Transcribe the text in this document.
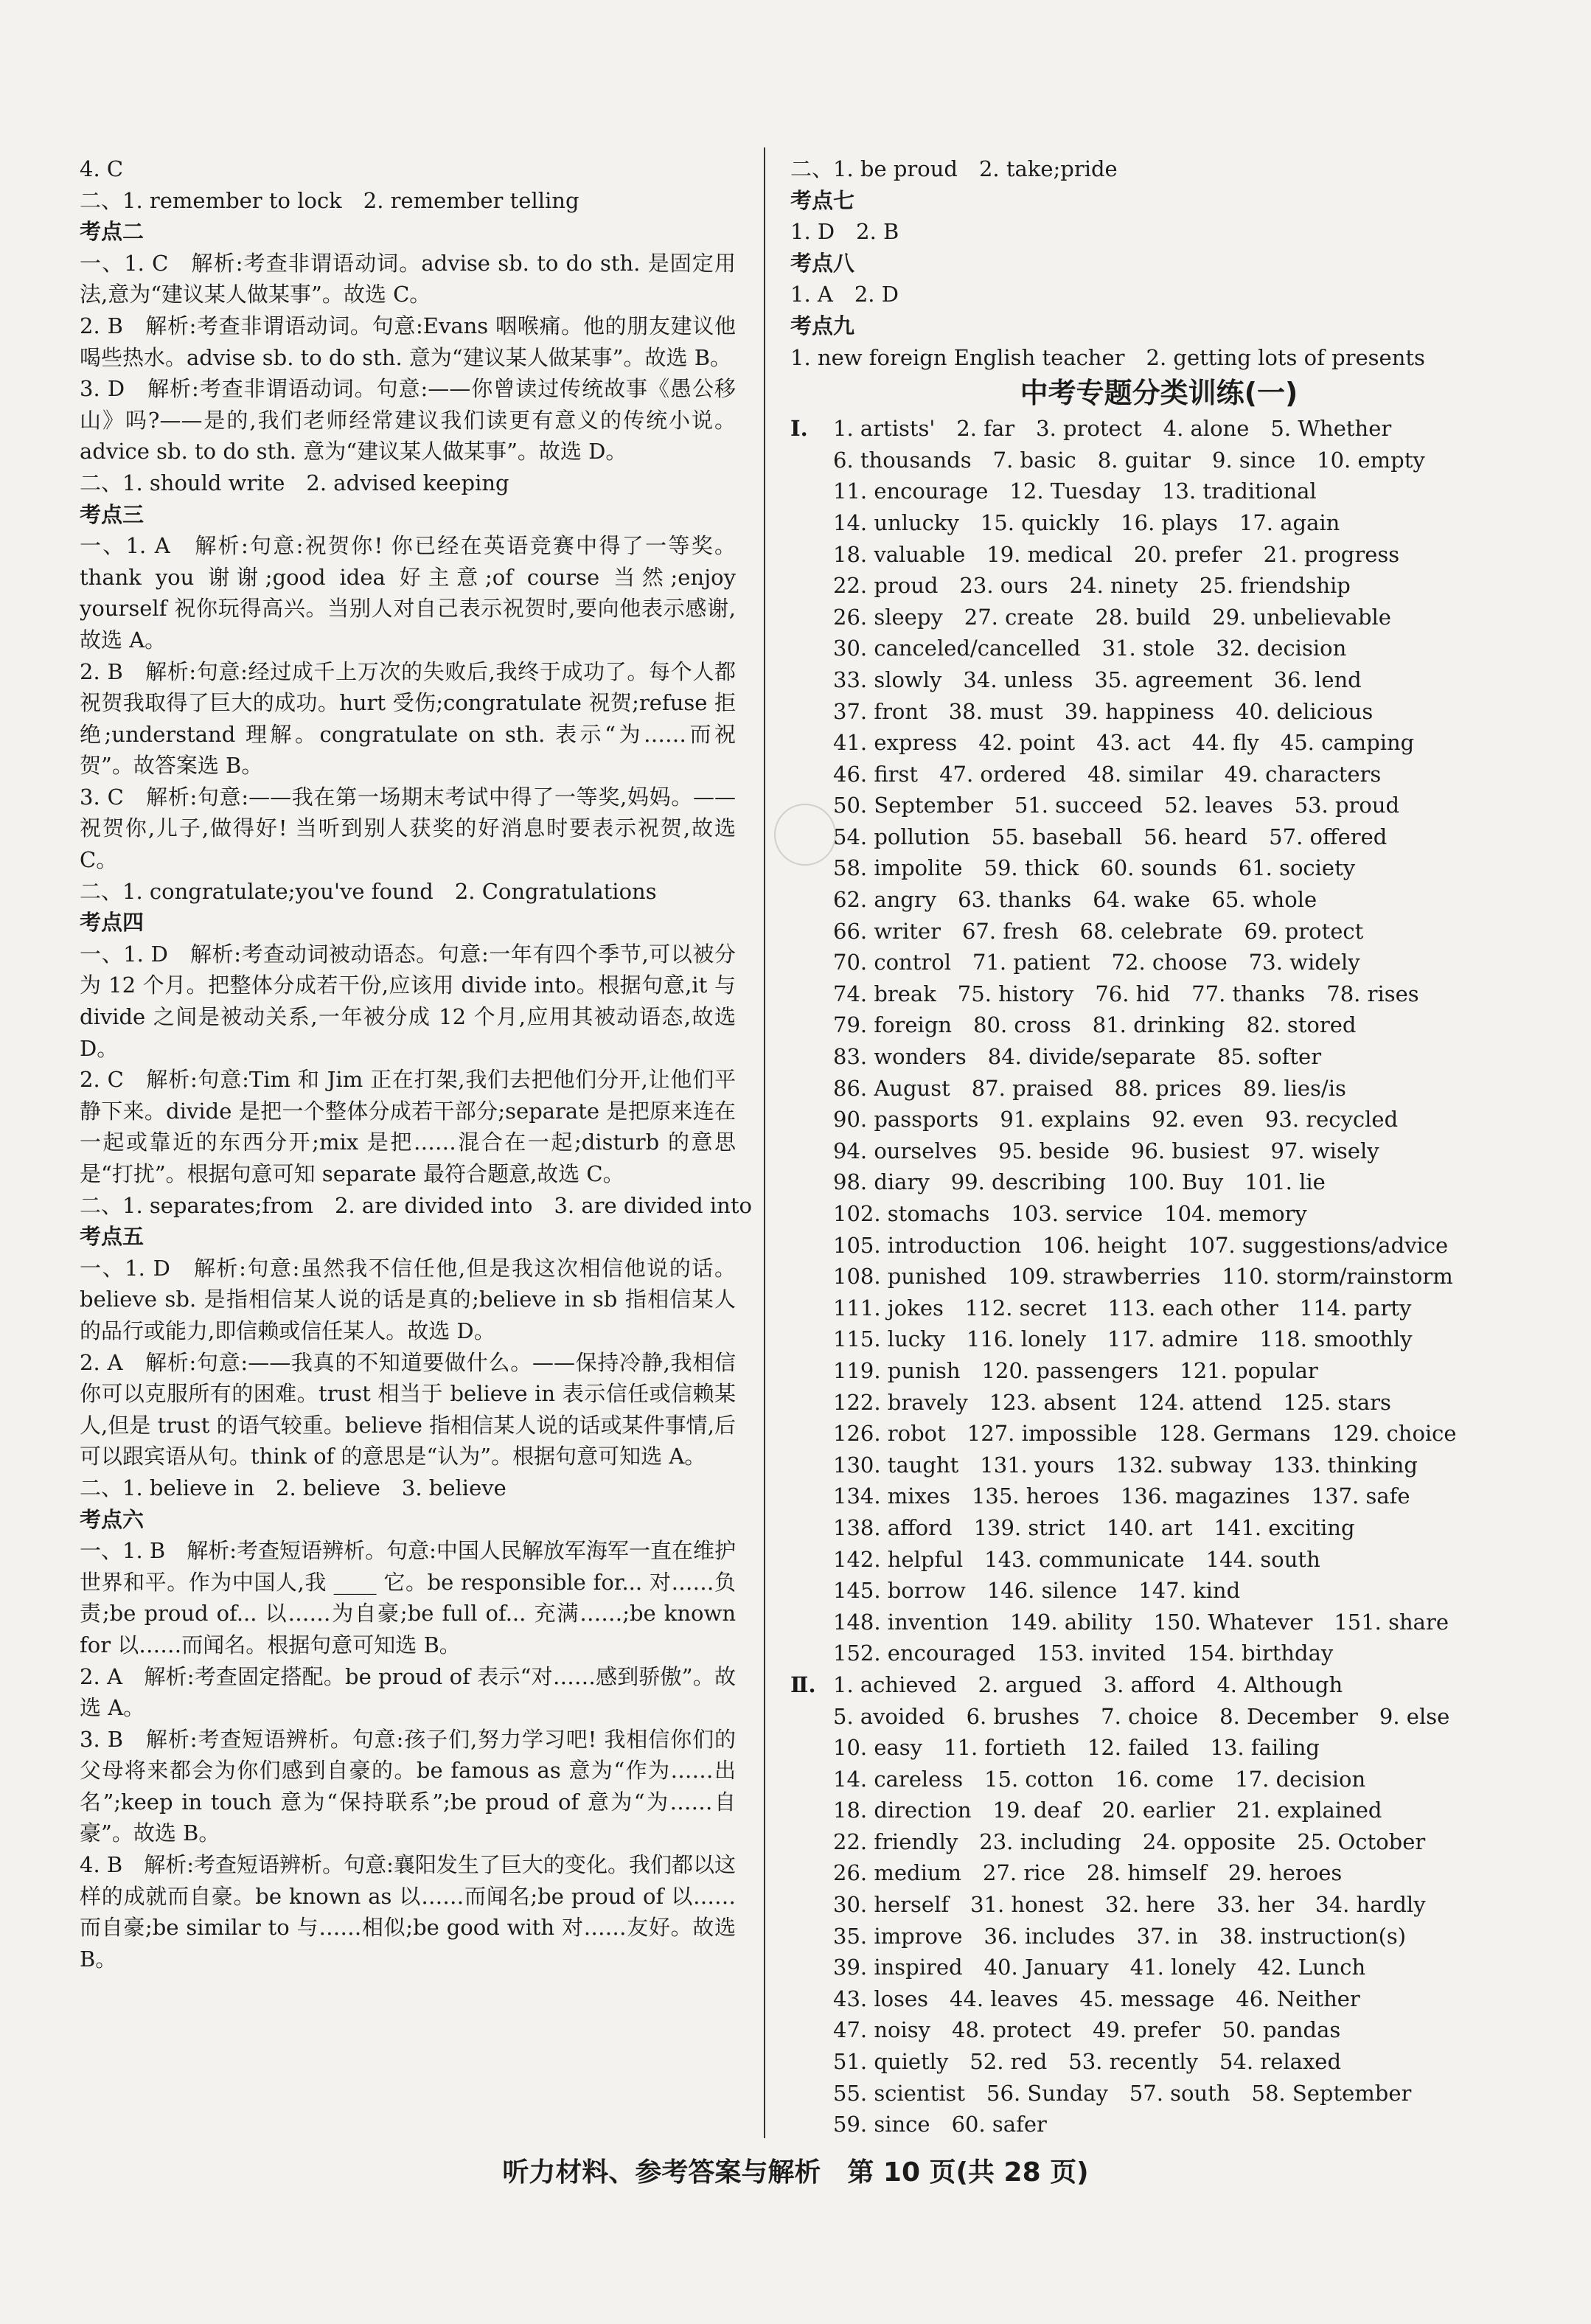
4. C
二、1. remember to lock　2. remember telling
考点二
一、1. C　解析:考查非谓语动词。advise sb. to do sth. 是固定用法,意为“建议某人做某事”。故选 C。
2. B　解析:考查非谓语动词。句意:Evans 咽喉痛。他的朋友建议他喝些热水。advise sb. to do sth. 意为“建议某人做某事”。故选 B。
3. D　解析:考查非谓语动词。句意:——你曾读过传统故事《愚公移山》吗?——是的,我们老师经常建议我们读更有意义的传统小说。advice sb. to do sth. 意为“建议某人做某事”。故选 D。
二、1. should write　2. advised keeping
考点三
一、1. A　解析:句意:祝贺你! 你已经在英语竞赛中得了一等奖。thank you 谢谢;good idea 好主意;of course 当然;enjoy yourself 祝你玩得高兴。当别人对自己表示祝贺时,要向他表示感谢,故选 A。
2. B　解析:句意:经过成千上万次的失败后,我终于成功了。每个人都祝贺我取得了巨大的成功。hurt 受伤;congratulate 祝贺;refuse 拒绝;understand 理解。congratulate on sth. 表示“为……而祝贺”。故答案选 B。
3. C　解析:句意:——我在第一场期末考试中得了一等奖,妈妈。——祝贺你,儿子,做得好! 当听到别人获奖的好消息时要表示祝贺,故选 C。
二、1. congratulate;you've found　2. Congratulations
考点四
一、1. D　解析:考查动词被动语态。句意:一年有四个季节,可以被分为 12 个月。把整体分成若干份,应该用 divide into。根据句意,it 与 divide 之间是被动关系,一年被分成 12 个月,应用其被动语态,故选 D。
2. C　解析:句意:Tim 和 Jim 正在打架,我们去把他们分开,让他们平静下来。divide 是把一个整体分成若干部分;separate 是把原来连在一起或靠近的东西分开;mix 是把……混合在一起;disturb 的意思是“打扰”。根据句意可知 separate 最符合题意,故选 C。
二、1. separates;from　2. are divided into　3. are divided into
考点五
一、1. D　解析:句意:虽然我不信任他,但是我这次相信他说的话。believe sb. 是指相信某人说的话是真的;believe in sb 指相信某人的品行或能力,即信赖或信任某人。故选 D。
2. A　解析:句意:——我真的不知道要做什么。——保持冷静,我相信你可以克服所有的困难。trust 相当于 believe in 表示信任或信赖某人,但是 trust 的语气较重。believe 指相信某人说的话或某件事情,后可以跟宾语从句。think of 的意思是“认为”。根据句意可知选 A。
二、1. believe in　2. believe　3. believe
考点六
一、1. B　解析:考查短语辨析。句意:中国人民解放军海军一直在维护世界和平。作为中国人,我 ____ 它。be responsible for... 对……负责;be proud of... 以……为自豪;be full of... 充满……;be known for 以……而闻名。根据句意可知选 B。
2. A　解析:考查固定搭配。be proud of 表示“对……感到骄傲”。故选 A。
3. B　解析:考查短语辨析。句意:孩子们,努力学习吧! 我相信你们的父母将来都会为你们感到自豪的。be famous as 意为“作为……出名”;keep in touch 意为“保持联系”;be proud of 意为“为……自豪”。故选 B。
4. B　解析:考查短语辨析。句意:襄阳发生了巨大的变化。我们都以这样的成就而自豪。be known as 以……而闻名;be proud of 以……而自豪;be similar to 与……相似;be good with 对……友好。故选 B。
二、1. be proud　2. take;pride
考点七
1. D　2. B
考点八
1. A　2. D
考点九
1. new foreign English teacher　2. getting lots of presents
中考专题分类训练(一)
Ⅰ.	1. artists'　2. far　3. protect　4. alone　5. Whether
6. thousands　7. basic　8. guitar　9. since　10. empty
11. encourage　12. Tuesday　13. traditional
14. unlucky　15. quickly　16. plays　17. again
18. valuable　19. medical　20. prefer　21. progress
22. proud　23. ours　24. ninety　25. friendship
26. sleepy　27. create　28. build　29. unbelievable
30. canceled/cancelled　31. stole　32. decision
33. slowly　34. unless　35. agreement　36. lend
37. front　38. must　39. happiness　40. delicious
41. express　42. point　43. act　44. fly　45. camping
46. first　47. ordered　48. similar　49. characters
50. September　51. succeed　52. leaves　53. proud
54. pollution　55. baseball　56. heard　57. offered
58. impolite　59. thick　60. sounds　61. society
62. angry　63. thanks　64. wake　65. whole
66. writer　67. fresh　68. celebrate　69. protect
70. control　71. patient　72. choose　73. widely
74. break　75. history　76. hid　77. thanks　78. rises
79. foreign　80. cross　81. drinking　82. stored
83. wonders　84. divide/separate　85. softer
86. August　87. praised　88. prices　89. lies/is
90. passports　91. explains　92. even　93. recycled
94. ourselves　95. beside　96. busiest　97. wisely
98. diary　99. describing　100. Buy　101. lie
102. stomachs　103. service　104. memory
105. introduction　106. height　107. suggestions/advice
108. punished　109. strawberries　110. storm/rainstorm
111. jokes　112. secret　113. each other　114. party
115. lucky　116. lonely　117. admire　118. smoothly
119. punish　120. passengers　121. popular
122. bravely　123. absent　124. attend　125. stars
126. robot　127. impossible　128. Germans　129. choice
130. taught　131. yours　132. subway　133. thinking
134. mixes　135. heroes　136. magazines　137. safe
138. afford　139. strict　140. art　141. exciting
142. helpful　143. communicate　144. south
145. borrow　146. silence　147. kind
148. invention　149. ability　150. Whatever　151. share
152. encouraged　153. invited　154. birthday
Ⅱ. 1. achieved　2. argued　3. afford　4. Although
5. avoided　6. brushes　7. choice　8. December　9. else
10. easy　11. fortieth　12. failed　13. failing
14. careless　15. cotton　16. come　17. decision
18. direction　19. deaf　20. earlier　21. explained
22. friendly　23. including　24. opposite　25. October
26. medium　27. rice　28. himself　29. heroes
30. herself　31. honest　32. here　33. her　34. hardly
35. improve　36. includes　37. in　38. instruction(s)
39. inspired　40. January　41. lonely　42. Lunch
43. loses　44. leaves　45. message　46. Neither
47. noisy　48. protect　49. prefer　50. pandas
51. quietly　52. red　53. recently　54. relaxed
55. scientist　56. Sunday　57. south　58. September
59. since　60. safer
听力材料、参考答案与解析　第 10 页(共 28 页)
